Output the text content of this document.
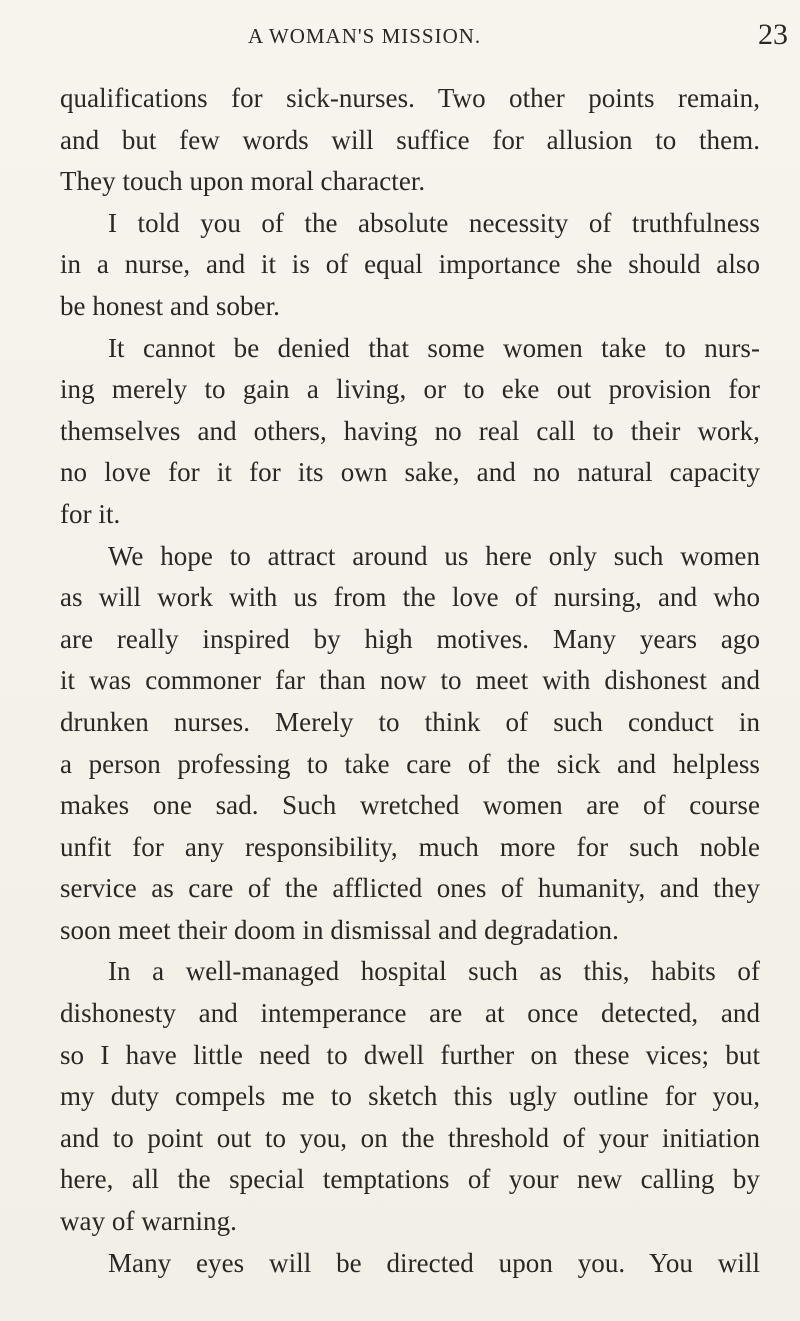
A WOMAN'S MISSION.	23
qualifications for sick-nurses. Two other points remain,
and but few words will suffice for allusion to them.
They touch upon moral character.
I told you of the absolute necessity of truthfulness
in a nurse, and it is of equal importance she should also
be honest and sober.
It cannot be denied that some women take to nurs-
ing merely to gain a living, or to eke out provision for
themselves and others, having no real call to their work,
no love for it for its own sake, and no natural capacity
for it.
We hope to attract around us here only such women
as will work with us from the love of nursing, and who
are really inspired by high motives. Many years ago
it was commoner far than now to meet with dishonest and
drunken nurses. Merely to think of such conduct in
a person professing to take care of the sick and helpless
makes one sad. Such wretched women are of course
unfit for any responsibility, much more for such noble
service as care of the afflicted ones of humanity, and they
soon meet their doom in dismissal and degradation.
In a well-managed hospital such as this, habits of
dishonesty and intemperance are at once detected, and
so I have little need to dwell further on these vices; but
my duty compels me to sketch this ugly outline for you,
and to point out to you, on the threshold of your initiation
here, all the special temptations of your new calling by
way of warning.
Many eyes will be directed upon you. You will
